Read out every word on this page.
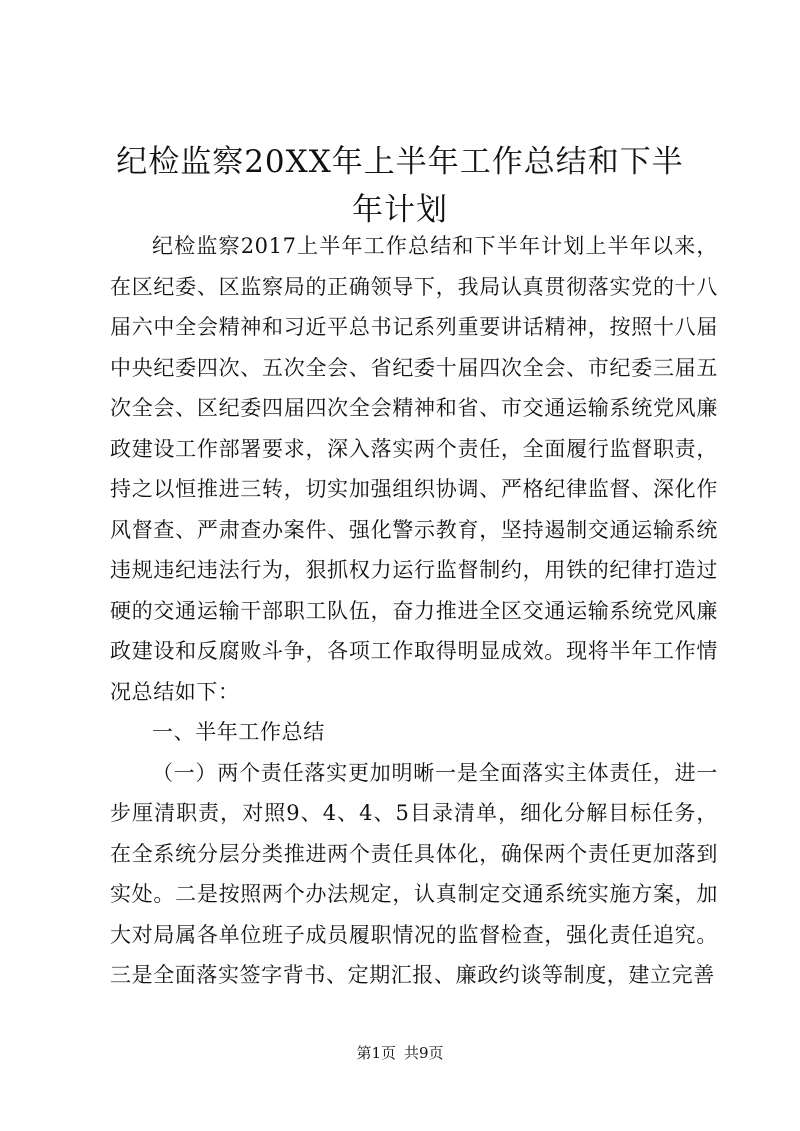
纪检监察20XX年上半年工作总结和下半年计划

纪检监察2017上半年工作总结和下半年计划上半年以来，在区纪委、区监察局的正确领导下，我局认真贯彻落实党的十八届六中全会精神和习近平总书记系列重要讲话精神，按照十八届中央纪委四次、五次全会、省纪委十届四次全会、市纪委三届五次全会、区纪委四届四次全会精神和省、市交通运输系统党风廉政建设工作部署要求，深入落实两个责任，全面履行监督职责，持之以恒推进三转，切实加强组织协调、严格纪律监督、深化作风督查、严肃查办案件、强化警示教育，坚持遏制交通运输系统违规违纪违法行为，狠抓权力运行监督制约，用铁的纪律打造过硬的交通运输干部职工队伍，奋力推进全区交通运输系统党风廉政建设和反腐败斗争，各项工作取得明显成效。现将半年工作情况总结如下：

一、半年工作总结

（一）两个责任落实更加明晰一是全面落实主体责任，进一步厘清职责，对照9、4、4、5目录清单，细化分解目标任务，在全系统分层分类推进两个责任具体化，确保两个责任更加落到实处。二是按照两个办法规定，认真制定交通系统实施方案，加大对局属各单位班子成员履职情况的监督检查，强化责任追究。三是全面落实签字背书、定期汇报、廉政约谈等制度，建立完善

第1页 共9页
